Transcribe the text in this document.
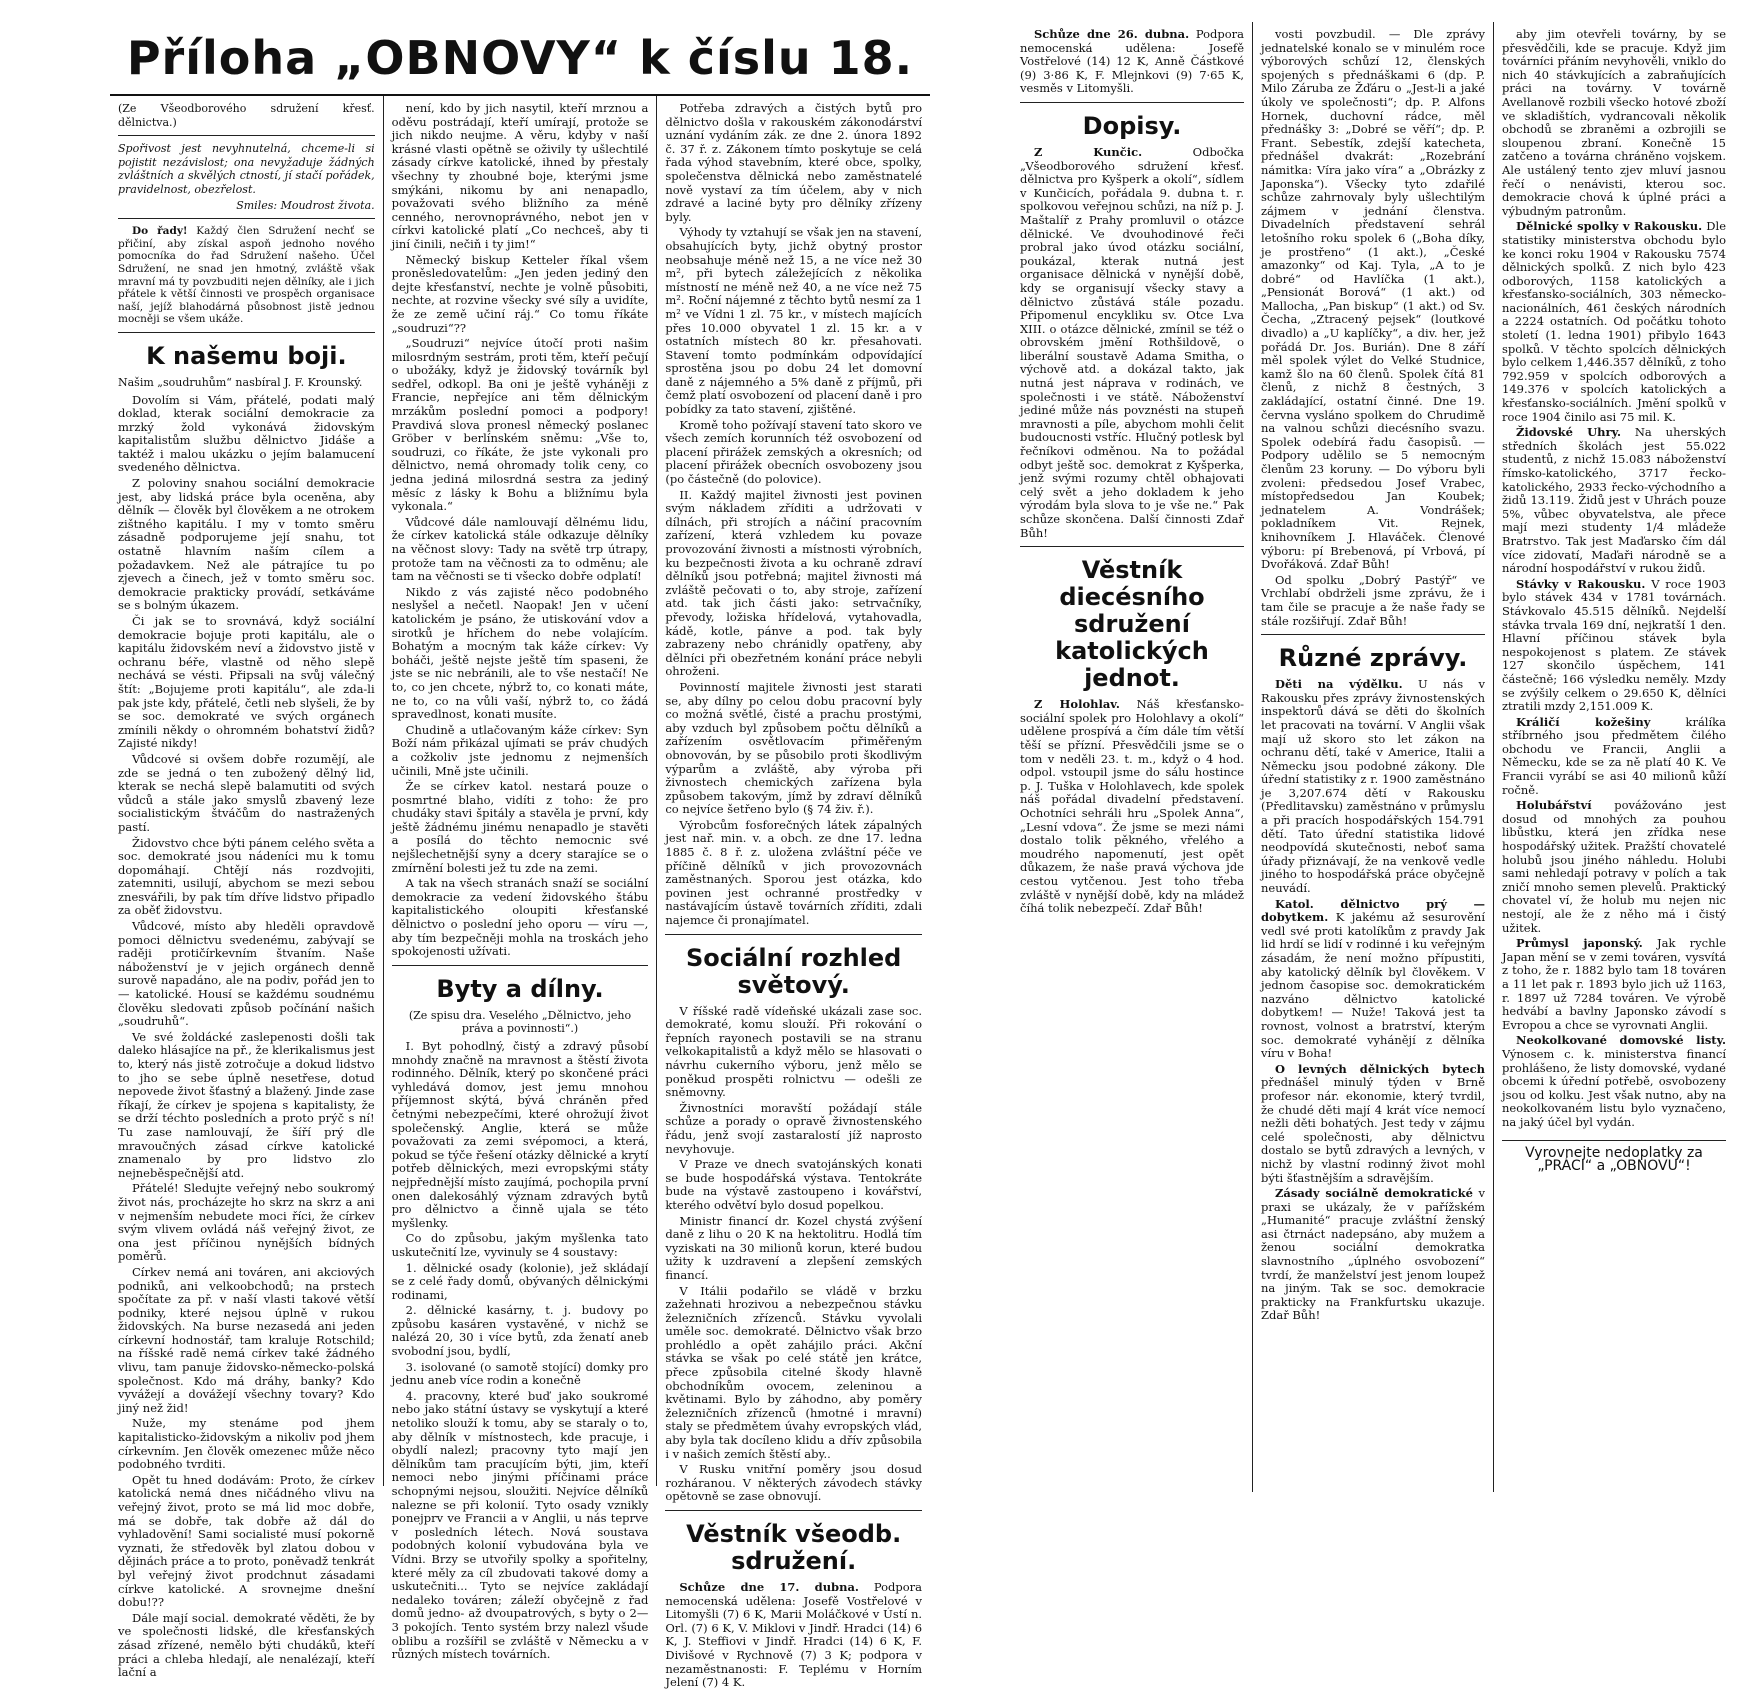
Příloha „OBNOVY“ k číslu 18.

(Ze Všeodborového sdružení křesť. dělnictva.)

Spořivost jest nevyhnutelná, chceme-li si pojistit nezávislost; ona nevyžaduje žádných zvláštních a skvělých ctností, jí stačí pořádek, pravidelnost, obezřelost.

Smiles: Moudrost života.

Do řady! Každý člen Sdružení nechť se přičiní, aby získal aspoň jednoho nového pomocníka do řad Sdružení našeho. Účel Sdružení, ne snad jen hmotný, zvláště však mravní má ty povzbuditi nejen dělníky, ale i jich přátele k větší činnosti ve prospěch organisace naší, jejíž blahodárná působnost jistě jednou mocněji se všem ukáže.

K našemu boji.

Našim „soudruhům“ nasbíral J. F. Krounský.

Dovolím si Vám, přátelé, podati malý doklad, kterak sociální demokracie za mrzký žold vykonává židovským kapitalistům službu dělnictvo Jidáše a taktéž i malou ukázku o jejím balamucení svedeného dělnictva.

Z poloviny snahou sociální demokracie jest, aby lidská práce byla oceněna, aby dělník — člověk byl člověkem a ne otrokem zištného kapitálu. I my v tomto směru zásadně podporujeme její snahu, tot ostatně hlavním naším cílem a požadavkem. Než ale pátrajíce tu po zjevech a činech, jež v tomto směru soc. demokracie prakticky provádí, setkáváme se s bolným úkazem.

Či jak se to srovnává, když sociální demokracie bojuje proti kapitálu, ale o kapitálu židovském neví a židovstvo jistě v ochranu béře, vlastně od něho slepě nechává se vésti. Připsali na svůj válečný štít: „Bojujeme proti kapitálu“, ale zda-li pak jste kdy, přátelé, četli neb slyšeli, že by se soc. demokraté ve svých orgánech zmínili někdy o ohromném bohatství židů? Zajisté nikdy!

Vůdcové si ovšem dobře rozumějí, ale zde se jedná o ten zubožený dělný lid, kterak se nechá slepě balamutiti od svých vůdců a stále jako smyslů zbavený leze socialistickým štváčům do nastražených pastí.

Židovstvo chce býti pánem celého světa a soc. demokraté jsou nádeníci mu k tomu dopomáhají. Chtějí nás rozdvojiti, zatemniti, usilují, abychom se mezi sebou znesvářili, by pak tím dříve lidstvo připadlo za oběť židovstvu.

Vůdcové, místo aby hleděli opravdově pomoci dělnictvu svedenému, zabývají se raději protičírkevním štvaním. Naše náboženství je v jejich orgánech denně surově napadáno, ale na podiv, pořád jen to — katolické. Housí se každému soudnému člověku sledovati způsob počínání našich „soudruhů“.

Ve své žoldácké zaslepenosti došli tak daleko hlásajíce na př., že klerikalismus jest to, který nás jistě zotročuje a dokud lidstvo to jho se sebe úplně nesetřese, dotud nepovede život šťastný a blažený. Jinde zase říkají, že církev je spojena s kapitalisty, že se drží téchto posledních a proto prýč s ní! Tu zase namlouvají, že šíří prý dle mravoučných zásad církve katolické znamenalo by pro lidstvo zlo nejneběspečnější atd.

Přátelé! Sledujte veřejný nebo soukromý život nás, procházejte ho skrz na skrz a ani v nejmenším nebudete moci říci, že církev svým vlivem ovládá náš veřejný život, ze ona jest příčinou nynějších bídných poměrů.

Církev nemá ani továren, ani akciových podniků, ani velkoobchodů; na prstech spočítate za př. v naší vlasti takové větší podniky, které nejsou úplně v rukou židovských. Na burse nezasedá ani jeden církevní hodnostář, tam kraluje Rotschild; na říšské radě nemá církev také žádného vlivu, tam panuje židovsko-německo-polská společnost. Kdo má dráhy, banky? Kdo vyvážejí a dovážejí všechny tovary? Kdo jiný než žid!

Nuže, my stenáme pod jhem kapitalisticko-židovským a nikoliv pod jhem církevním. Jen člověk omezenec může něco podobného tvrditi.

Opět tu hned dodávám: Proto, že církev katolická nemá dnes ničádného vlivu na veřejný život, proto se má lid moc dobře, má se dobře, tak dobře až dál do vyhladovění! Sami socialisté musí pokorně vyznati, že středověk byl zlatou dobou v dějinách práce a to proto, poněvadž tenkrát byl veřejný život prodchnut zásadami církve katolické. A srovnejme dnešní dobu!??

Dále mají social. demokraté věděti, že by ve společnosti lidské, dle křesťanských zásad zřízené, nemělo býti chudáků, kteří práci a chleba hledají, ale nenalézají, kteří lační a

není, kdo by jich nasytil, kteří mrznou a oděvu postrádají, kteří umírají, protože se jich nikdo neujme. A věru, kdyby v naší krásné vlasti opětně se oživily ty ušlechtilé zásady církve katolické, ihned by přestaly všechny ty zhoubné boje, kterými jsme smýkáni, nikomu by ani nenapadlo, považovati svého bližního za méně cenného, nerovnoprávného, nebot jen v církvi katolické platí „Co nechceš, aby ti jiní činili, nečiň i ty jim!“

Německý biskup Ketteler říkal všem proněsledovatelům: „Jen jeden jediný den dejte křesťanství, nechte je volně působiti, nechte, at rozvine všecky své síly a uvidíte, že ze země učiní ráj.“ Co tomu říkáte „soudruzi“??

„Soudruzi“ nejvíce útočí proti našim milosrdným sestrám, proti těm, kteří pečují o ubožáky, když je židovský továrník byl sedřel, odkopl. Ba oni je ještě vyháněji z Francie, nepřejíce ani těm dělnickým mrzákům poslední pomoci a podpory! Pravdivá slova pronesl německý poslanec Gröber v berlínském sněmu: „Vše to, soudruzi, co říkáte, že jste vykonali pro dělnictvo, nemá ohromady tolik ceny, co jedna jediná milosrdná sestra za jediný měsíc z lásky k Bohu a bližnímu byla vykonala.“

Vůdcové dále namlouvají dělnému lidu, že církev katolická stále odkazuje dělníky na věčnost slovy: Tady na světě trp útrapy, protože tam na věčnosti za to odměnu; ale tam na věčnosti se ti všecko dobře odplatí!

Nikdo z vás zajisté něco podobného neslyšel a nečetl. Naopak! Jen v učení katolickém je psáno, že utiskování vdov a sirotků je hříchem do nebe volajícím. Bohatým a mocným tak káže církev: Vy boháči, ještě nejste ještě tím spaseni, že jste se nic nebránili, ale to vše nestačí! Ne to, co jen chcete, nýbrž to, co konati máte, ne to, co na vůli vaší, nýbrž to, co žádá spravedlnost, konati musíte.

Chudině a utlačovaným káže církev: Syn Boží nám přikázal ujímati se práv chudých a cožkoliv jste jednomu z nejmenších učinili, Mně jste učinili.

Že se církev katol. nestará pouze o posmrtné blaho, vidíti z toho: že pro chudáky stavi špitály a stavěla je první, kdy ještě žádnému jinému nenapadlo je stavěti a posílá do těchto nemocnic své nejšlechetnější syny a dcery starajíce se o zmírnění bolesti jež tu zde na zemi.

A tak na všech stranách snaží se sociální demokracie za vedení židovského štábu kapitalistického oloupiti křesťanské dělnictvo o poslední jeho oporu — víru —, aby tím bezpečněji mohla na troskách jeho spokojenosti užívati.

Byty a dílny.

(Ze spisu dra. Veselého „Dělnictvo, jeho práva a povinnosti“.)

I. Byt pohodlný, čistý a zdravý působí mnohdy značně na mravnost a štěstí života rodinného. Dělník, který po skončené práci vyhledává domov, jest jemu mnohou příjemnost skýtá, bývá chráněn před četnými nebezpečími, které ohrožují život společenský. Anglie, která se může považovati za zemi svépomoci, a která, pokud se týče řešení otázky dělnické a krytí potřeb dělnických, mezi evropskými státy nejpřednější místo zaujímá, pochopila první onen dalekosáhlý význam zdravých bytů pro dělnictvo a činně ujala se této myšlenky.

Co do způsobu, jakým myšlenka tato uskutečnití lze, vyvinuly se 4 soustavy:

1. dělnické osady (kolonie), jež skládají se z celé řady domů, obývaných dělnickými rodinami,

2. dělnické kasárny, t. j. budovy po způsobu kasáren vystavěné, v nichž se nalézá 20, 30 i více bytů, zda ženatí aneb svobodní jsou, bydlí,

3. isolované (o samotě stojící) domky pro jednu aneb více rodin a konečně

4. pracovny, které buď jako soukromé nebo jako státní ústavy se vyskytují a které netoliko slouží k tomu, aby se staraly o to, aby dělník v místnostech, kde pracuje, i obydlí nalezl; pracovny tyto mají jen dělníkům tam pracujícím býti, jim, kteří nemoci nebo jinými příčinami práce schopnými nejsou, sloužiti. Nejvíce dělníků nalezne se při kolonií. Tyto osady vznikly ponejprv ve Francii a v Anglii, u nás teprve v posledních létech. Nová soustava podobných kolonií vybudována byla ve Vídni. Brzy se utvořily spolky a spořitelny, které měly za cíl zbudovati takové domy a uskutečniti... Tyto se nejvíce zakládají nedaleko továren; záleží obyčejně z řad domů jedno- až dvoupatrových, s byty o 2—3 pokojích. Tento systém brzy nalezl všude oblibu a rozšířil se zvláště v Německu a v různých místech továrních.

Potřeba zdravých a čistých bytů pro dělnictvo došla v rakouském zákonodárství uznání vydáním zák. ze dne 2. února 1892 č. 37 ř. z. Zákonem tímto poskytuje se celá řada výhod stavebním, které obce, spolky, společenstva dělnická nebo zaměstnatelé nově vystaví za tím účelem, aby v nich zdravé a laciné byty pro dělníky zřízeny byly.

Výhody ty vztahují se však jen na stavení, obsahujících byty, jichž obytný prostor neobsahuje méně než 15, a ne více než 30 m², při bytech záležejících z několika místností ne méně než 40, a ne více než 75 m². Roční nájemné z těchto bytů nesmí za 1 m² ve Vídni 1 zl. 75 kr., v místech majících přes 10.000 obyvatel 1 zl. 15 kr. a v ostatních místech 80 kr. přesahovati. Stavení tomto podmínkám odpovídající sprostěna jsou po dobu 24 let domovní daně z nájemného a 5% daně z příjmů, při čemž platí osvobození od placení daně i pro pobídky za tato stavení, zjištěné.

Kromě toho požívají stavení tato skoro ve všech zemích korunních též osvobození od placení přirážek zemských a okresních; od placení přirážek obecních osvobozeny jsou (po částečně (do polovice).

II. Každý majitel živnosti jest povinen svým nákladem zříditi a udržovati v dílnách, při strojích a náčiní pracovním zařízení, která vzhledem ku povaze provozování živnosti a místnosti výrobních, ku bezpečnosti života a ku ochraně zdraví dělníků jsou potřebná; majitel živnosti má zvláště pečovati o to, aby stroje, zařízení atd. tak jich části jako: setrvačníky, převody, ložiska hřídelová, vytahovadla, kádě, kotle, pánve a pod. tak byly zabrazeny nebo chránidly opatřeny, aby dělníci při obezřetném konání práce nebyli ohroženi.

Povinností majitele živnosti jest starati se, aby dílny po celou dobu pracovní byly co možná světlé, čisté a prachu prostými, aby vzduch byl způsobem počtu dělníků a zařízením osvětlovacím přiměřeným obnovován, by se působilo proti škodlivým výparům a zvláště, aby výroba při živnostech chemických zařízena byla způsobem takovým, jímž by zdraví dělníků co nejvíce šetřeno bylo (§ 74 živ. ř.).

Výrobcům fosforečných látek zápalných jest nař. min. v. a obch. ze dne 17. ledna 1885 č. 8 ř. z. uložena zvláštní péče ve příčině dělníků v jich provozovnách zaměstnaných. Sporou jest otázka, kdo povinen jest ochranné prostředky v nastávajícím ústavě továrních zříditi, zdali najemce či pronajímatel.

Sociální rozhled světový.

V říšské radě vídeňské ukázali zase soc. demokraté, komu slouží. Při rokování o řepních rayonech postavili se na stranu velkokapitalistů a když mělo se hlasovati o návrhu cukerního výboru, jenž mělo se poněkud prospěti rolnictvu — odešli ze sněmovny.

Živnostníci moravští požádají stále schůze a porady o opravě živnostenského řádu, jenž svojí zastaralostí jíž naprosto nevyhovuje.

V Praze ve dnech svatojánských konati se bude hospodářská výstava. Tentokráte bude na výstavě zastoupeno i kovářství, kterého odvětví bylo dosud popelkou.

Ministr financí dr. Kozel chystá zvýšení daně z lihu o 20 K na hektolitru. Hodlá tím vyziskati na 30 milionů korun, které budou užity k uzdravení a zlepšení zemských financí.

V Itálii podařilo se vládě v brzku zažehnati hrozivou a nebezpečnou stávku železničních zřízenců. Stávku vyvolali uměle soc. demokraté. Dělnictvo však brzo prohlédlo a opět zahájilo práci. Akční stávka se však po celé státě jen krátce, přece způsobila citelné škody hlavně obchodníkům ovocem, zeleninou a květinami. Bylo by záhodno, aby poměry železničních zřízenců (hmotné i mravní) staly se předmětem úvahy evropských vlád, aby byla tak docíleno klidu a dřív způsobila i v našich zemích štěstí aby..

V Rusku vnitřní poměry jsou dosud rozháranou. V některých závodech stávky opětovně se zase obnovují.

Věstník všeodb. sdružení.

Schůze dne 17. dubna. Podpora nemocenská udělena: Josefě Vostřelové v Litomyšli (7) 6 K, Marii Moláčkové v Ústí n. Orl. (7) 6 K, V. Miklovi v Jindř. Hradci (14) 6 K, J. Steffiovi v Jindř. Hradci (14) 6 K, F. Divišové v Rychnově (7) 3 K; podpora v nezaměstnanosti: F. Teplému v Horním Jelení (7) 4 K.

Schůze dne 26. dubna. Podpora nemocenská udělena: Josefě Vostřelové (14) 12 K, Anně Částkové (9) 3·86 K, F. Mlejnkovi (9) 7·65 K, vesměs v Litomyšli.

Dopisy.

Z Kunčic.	Odbočka „Všeodborového sdružení křesť. dělnictva pro Kyšperk a okolí“, sídlem v Kunčicích, pořádala 9. dubna t. r. spolkovou veřejnou schůzi, na níž p. J. Maštalíř z Prahy promluvil o otázce dělnické. Ve dvouhodinové řeči probral jako úvod otázku sociální, poukázal, kterak nutná jest organisace dělnická v nynější době, kdy se organisují všecky stavy a dělnictvo zůstává stále pozadu. Připomenul encykliku sv. Otce Lva XIII. o otázce dělnické, zmínil se též o obrovském jmění Rothšildově, o liberální soustavě Adama Smitha, o výchově atd. a dokázal takto, jak nutná jest náprava v rodinách, ve společnosti i ve státě. Náboženství jediné může nás povznésti na stupeň mravnosti a píle, abychom mohli čelit budoucnosti vstříc. Hlučný potlesk byl řečníkovi odměnou. Na to požádal odbyt ještě soc. demokrat z Kyšperka, jenž svými rozumy chtěl obhajovati celý svět a jeho dokladem k jeho výrodám byla slova to je vše ne.“ Pak schůze skončena. Další činnosti Zdař Bůh!

Věstník diecésního sdružení katolických jednot.

Z Holohlav. Náš křesťansko-sociální spolek pro Holohlavy a okolí“ udělene prospívá a čím dále tím větší těší se přízní. Přesvědčili jsme se o tom v neděli 23. t. m., když o 4 hod. odpol. vstoupil jsme do sálu hostince p. J. Tuška v Holohlavech, kde spolek náš pořádal divadelní představení. Ochotníci sehráli hru „Spolek Anna“, „Lesní vdova“. Že jsme se mezi námi dostalo tolik pěkného, vřelého a moudrého napomenutí, jest opět důkazem, že naše pravá výchova jde cestou vytčenou. Jest toho třeba zvláště v nynější době, kdy na mládež číhá tolik nebezpečí. Zdař Bůh!

vosti povzbudil. — Dle zprávy jednatelské konalo se v minulém roce výborových schůzí 12, členských spojených s přednáškami 6 (dp. P. Milo Záruba ze Žďáru o „Jest-li a jaké úkoly ve společnosti“; dp. P. Alfons Hornek, duchovní rádce, měl přednášky 3: „Dobré se věří“; dp. P. Frant. Sebestík, zdejší katecheta, přednášel dvakrát: „Rozebrání námitka: Víra jako víra“ a „Obrázky z Japonska“). Všecky tyto zdařilé schůze zahrnovaly byly ušlechtilým zájmem v jednání členstva. Divadelních představení sehrál letošního roku spolek 6 („Boha díky, je prostřeno“ (1 akt.), „České amazonky“ od Kaj. Tyla, „A to je dobré“ od Havlíčka (1 akt.), „Pensionát Borová“ (1 akt.) od Mallocha, „Pan biskup“ (1 akt.) od Sv. Čecha, „Ztracený pejsek“ (loutkové divadlo) a „U kaplíčky“, a div. her, jež pořádá Dr. Jos. Burián). Dne 8 září měl spolek výlet do Velké Studnice, kamž šlo na 60 členů. Spolek čítá 81 členů, z nichž 8 čestných, 3 zakládající, ostatní činné. Dne 19. června vysláno spolkem do Chrudimě na valnou schůzi diecésního svazu. Spolek odebírá řadu časopisů. — Podpory udělilo se 5 nemocným členům 23 koruny. — Do výboru byli zvoleni: předsedou Josef Vrabec, místopředsedou Jan Koubek; jednatelem A. Vondrášek; pokladníkem Vit. Rejnek, knihovníkem J. Hlaváček. Členové výboru: pí Brebenová, pí Vrbová, pí Dvořáková. Zdař Bůh!

Od spolku „Dobrý Pastýř“ ve Vrchlabí obdrželi jsme zprávu, že i tam čile se pracuje a že naše řady se stále rozšiřují. Zdař Bůh!

Různé zprávy.

Děti na výdělku. U nás v Rakousku přes zprávy živnostenských inspektorů dává se děti do školních let pracovati na tovární. V Anglii však mají už skoro sto let zákon na ochranu dětí, také v Americe, Italii a Německu jsou podobné zákony. Dle úřední statistiky z r. 1900 zaměstnáno je 3,207.674 dětí v Rakousku (Předlitavsku) zaměstnáno v průmyslu a při pracích hospodářských 154.791 dětí. Tato úřední statistika lidové neodpovídá skutečnosti, neboť sama úřady přiznávají, že na venkově vedle jiného to hospodářská práce obyčejně neuvádí.

Katol. dělnictvo prý — dobytkem. K jakému až sesurovění vedl své proti katolíkům z pravdy Jak lid hrdí se lidí v rodinné i ku veřejným zásadám, že není možno přípustiti, aby katolický dělník byl člověkem. V jednom časopise soc. demokratickém nazváno dělnictvo katolické dobytkem! — Nuže! Taková jest ta rovnost, volnost a bratrství, kterým soc. demokraté vyhánějí z dělníka víru v Boha!

O levných dělnických bytech přednášel minulý týden v Brně profesor nár. ekonomie, který tvrdil, že chudé děti mají 4 krát více nemocí nežli děti bohatých. Jest tedy v zájmu celé společnosti, aby dělnictvu dostalo se bytů zdravých a levných, v nichž by vlastní rodinný život mohl býti šťastnějším a sdravějším.

Zásady sociálně demokratické v praxi se ukázaly, že v pařížském „Humanité“ pracuje zvláštní ženský asi čtrnáct nadepsáno, aby mužem a ženou sociální demokratka slavnostního „úplného osvobození“ tvrdí, že manželství jest jenom loupež na jiným. Tak se soc. demokracie prakticky na Frankfurtsku ukazuje. Zdař Bůh!

aby jim otevřeli továrny, by se přesvědčili, kde se pracuje. Když jim továrníci přáním nevyhověli, vniklo do nich 40 stávkujících a zabraňujících práci na továrny. V továrně Avellanově rozbili všecko hotové zboží ve skladištích, vydrancovali několik obchodů se zbraněmi a ozbrojili se sloupenou zbraní. Konečně 15 zatčeno a továrna chráněno vojskem. Ale ustálený tento zjev mluví jasnou řečí o nenávisti, kterou soc. demokracie chová k úplné práci a výbudným patronům.

Dělnické spolky v Rakousku. Dle statistiky ministerstva obchodu bylo ke konci roku 1904 v Rakousku 7574 dělnických spolků. Z nich bylo 423 odborových, 1158 katolických a křesťansko-sociálních, 303 německo-nacionálních, 461 českých národních a 2224 ostatních. Od počátku tohoto století (1. ledna 1901) přibylo 1643 spolků. V těchto spolcích dělnických bylo celkem 1,446.357 dělníků, z toho 792.959 v spolcích odborových a 149.376 v spolcích katolických a křesťansko-sociálních. Jmění spolků v roce 1904 činilo asi 75 mil. K.

Židovské Uhry. Na uherských středních školách jest 55.022 studentů, z nichž 15.083 náboženství římsko-katolického, 3717 řecko-katolického, 2933 řecko-východního a židů 13.119. Židů jest v Uhrách pouze 5%, vůbec obyvatelstva, ale přece mají mezi studenty 1/4 mládeže Bratrstvo. Tak jest Maďarsko čím dál více zidovatí, Maďaři národně se a národní hospodářství v rukou židů.

Stávky v Rakousku. V roce 1903 bylo stávek 434 v 1781 továrnách. Stávkovalo 45.515 dělníků. Nejdelší stávka trvala 169 dní, nejkratší 1 den. Hlavní příčinou stávek byla nespokojenost s platem. Ze stávek 127 skončilo úspěchem, 141 částečně; 166 výsledku neměly. Mzdy se zvýšily celkem o 29.650 K, dělníci ztratili mzdy 2,151.009 K.

Králičí kožešiny	králíka stříbrného jsou předmětem čilého obchodu ve Francii, Anglii a Německu, kde se za ně platí 40 K. Ve Francii vyrábí se asi 40 milionů kůží ročně.

Holubářství povážováno jest dosud od mnohých za pouhou libůstku, která jen zřídka nese hospodářský užitek. Pražští chovatelé holubů jsou jiného náhledu. Holubi sami nehledají potravy v polích a tak zničí mnoho semen plevelů. Praktický chovatel ví, že holub mu nejen nic nestojí, ale že z něho má i čistý užitek.

Průmysl japonský. Jak rychle Japan mění se v zemi továren, vysvítá z toho, že r. 1882 bylo tam 18 továren a 11 let pak r. 1893 bylo jich už 1163, r. 1897 už 7284 továren. Ve výrobě hedvábí a bavlny Japonsko závodí s Evropou a chce se vyrovnati Anglii.

Neokolkované domovské listy. Výnosem c. k. ministerstva financí prohlášeno, že listy domovské, vydané obcemi k úřední potřebě, osvobozeny jsou od kolku. Jest však nutno, aby na neokolkovaném listu bylo vyznačeno, na jaký účel byl vydán.

Vyrovnejte nedoplatky za „PRÁCI“ a „OBNOVU“!
